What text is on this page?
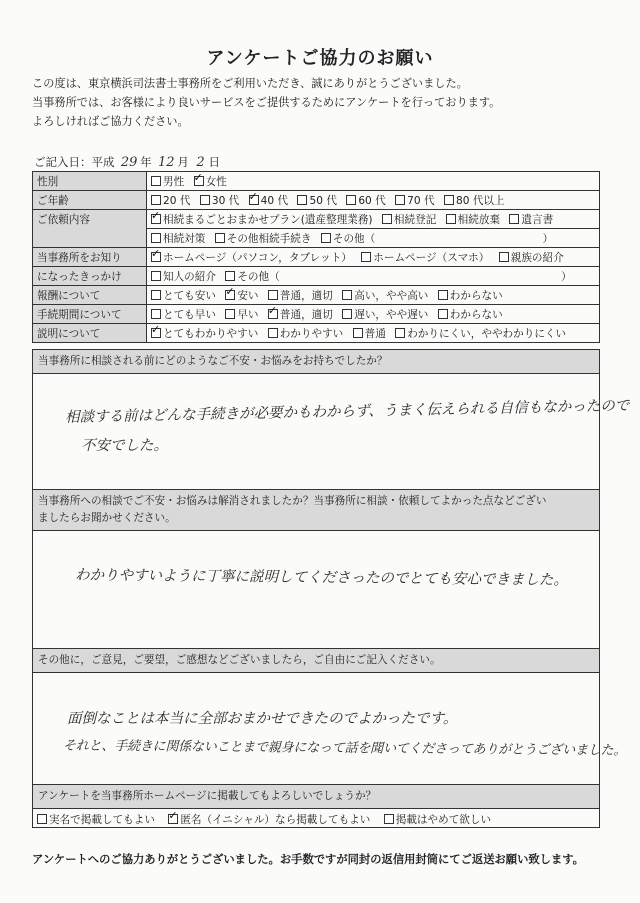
アンケートご協力のお願い
この度は、東京横浜司法書士事務所をご利用いただき、誠にありがとうございました。
当事務所では、お客様により良いサービスをご提供するためにアンケートを行っております。
よろしければご協力ください。
ご記入日：平成 29 年 12 月 2 日
性別	男性 ✓ 女性
ご年齢	20 代 30 代 ✓ 40 代 50 代 60 代 70 代 80 代以上
ご依頼内容	✓相続まるごとおまかせプラン(遺産整理業務) 相続登記 相続放棄 遺言書
	相続対策 その他相続手続き その他（ ）
当事務所をお知り	✓ホームページ（パソコン，タブレット） ホームページ（スマホ） 親族の紹介
になったきっかけ	知人の紹介 その他（ ）
報酬について	とても安い ✓ 安い 普通，適切 高い，やや高い わからない
手続期間について	とても早い 早い ✓ 普通，適切 遅い，やや遅い わからない
説明について	✓とてもわかりやすい わかりやすい 普通 わかりにくい，ややわかりにくい
当事務所に相談される前にどのようなご不安・お悩みをお持ちでしたか？
相談する前はどんな手続きが必要かもわからず、うまく伝えられる自信もなかったので
不安でした。
当事務所への相談でご不安・お悩みは解消されましたか？当事務所に相談・依頼してよかった点などござい
ましたらお聞かせください。
わかりやすいように丁寧に説明してくださったのでとても安心できました。
その他に，ご意見，ご要望，ご感想などございましたら，ご自由にご記入ください。
面倒なことは本当に全部おまかせできたのでよかったです。
それと、手続きに関係ないことまで親身になって話を聞いてくださってありがとうございました。
アンケートを当事務所ホームページに掲載してもよろしいでしょうか？
実名で掲載してもよい ✓ 匿名（イニシャル）なら掲載してもよい 掲載はやめて欲しい
アンケートへのご協力ありがとうございました。お手数ですが同封の返信用封筒にてご返送お願い致します。
